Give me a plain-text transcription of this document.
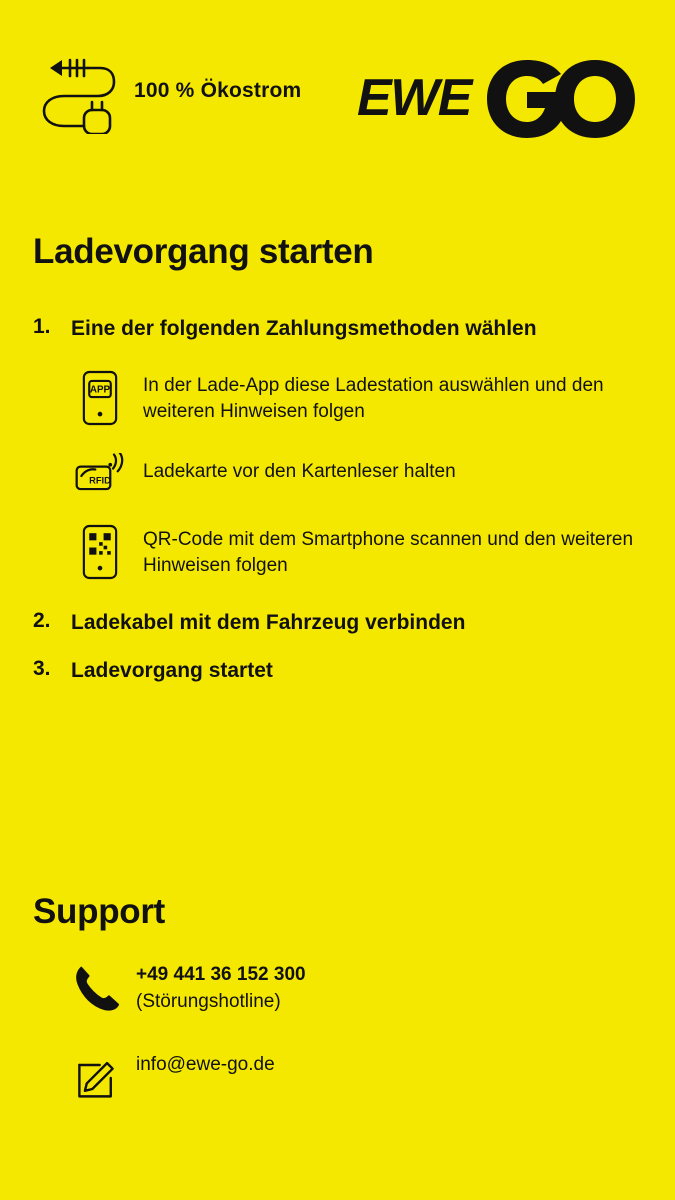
100 % Ökostrom EWE
Ladevorgang starten
1. Eine der folgenden Zahlungsmethoden wählen
APP In der Lade-App diese Ladestation auswählen und den weiteren Hinweisen folgen
RFID Ladekarte vor den Kartenleser halten
QR-Code mit dem Smartphone scannen und den weiteren Hinweisen folgen
2. Ladekabel mit dem Fahrzeug verbinden
3. Ladevorgang startet
Support
+49 441 36 152 300
(Störungshotline)
info@ewe-go.de
